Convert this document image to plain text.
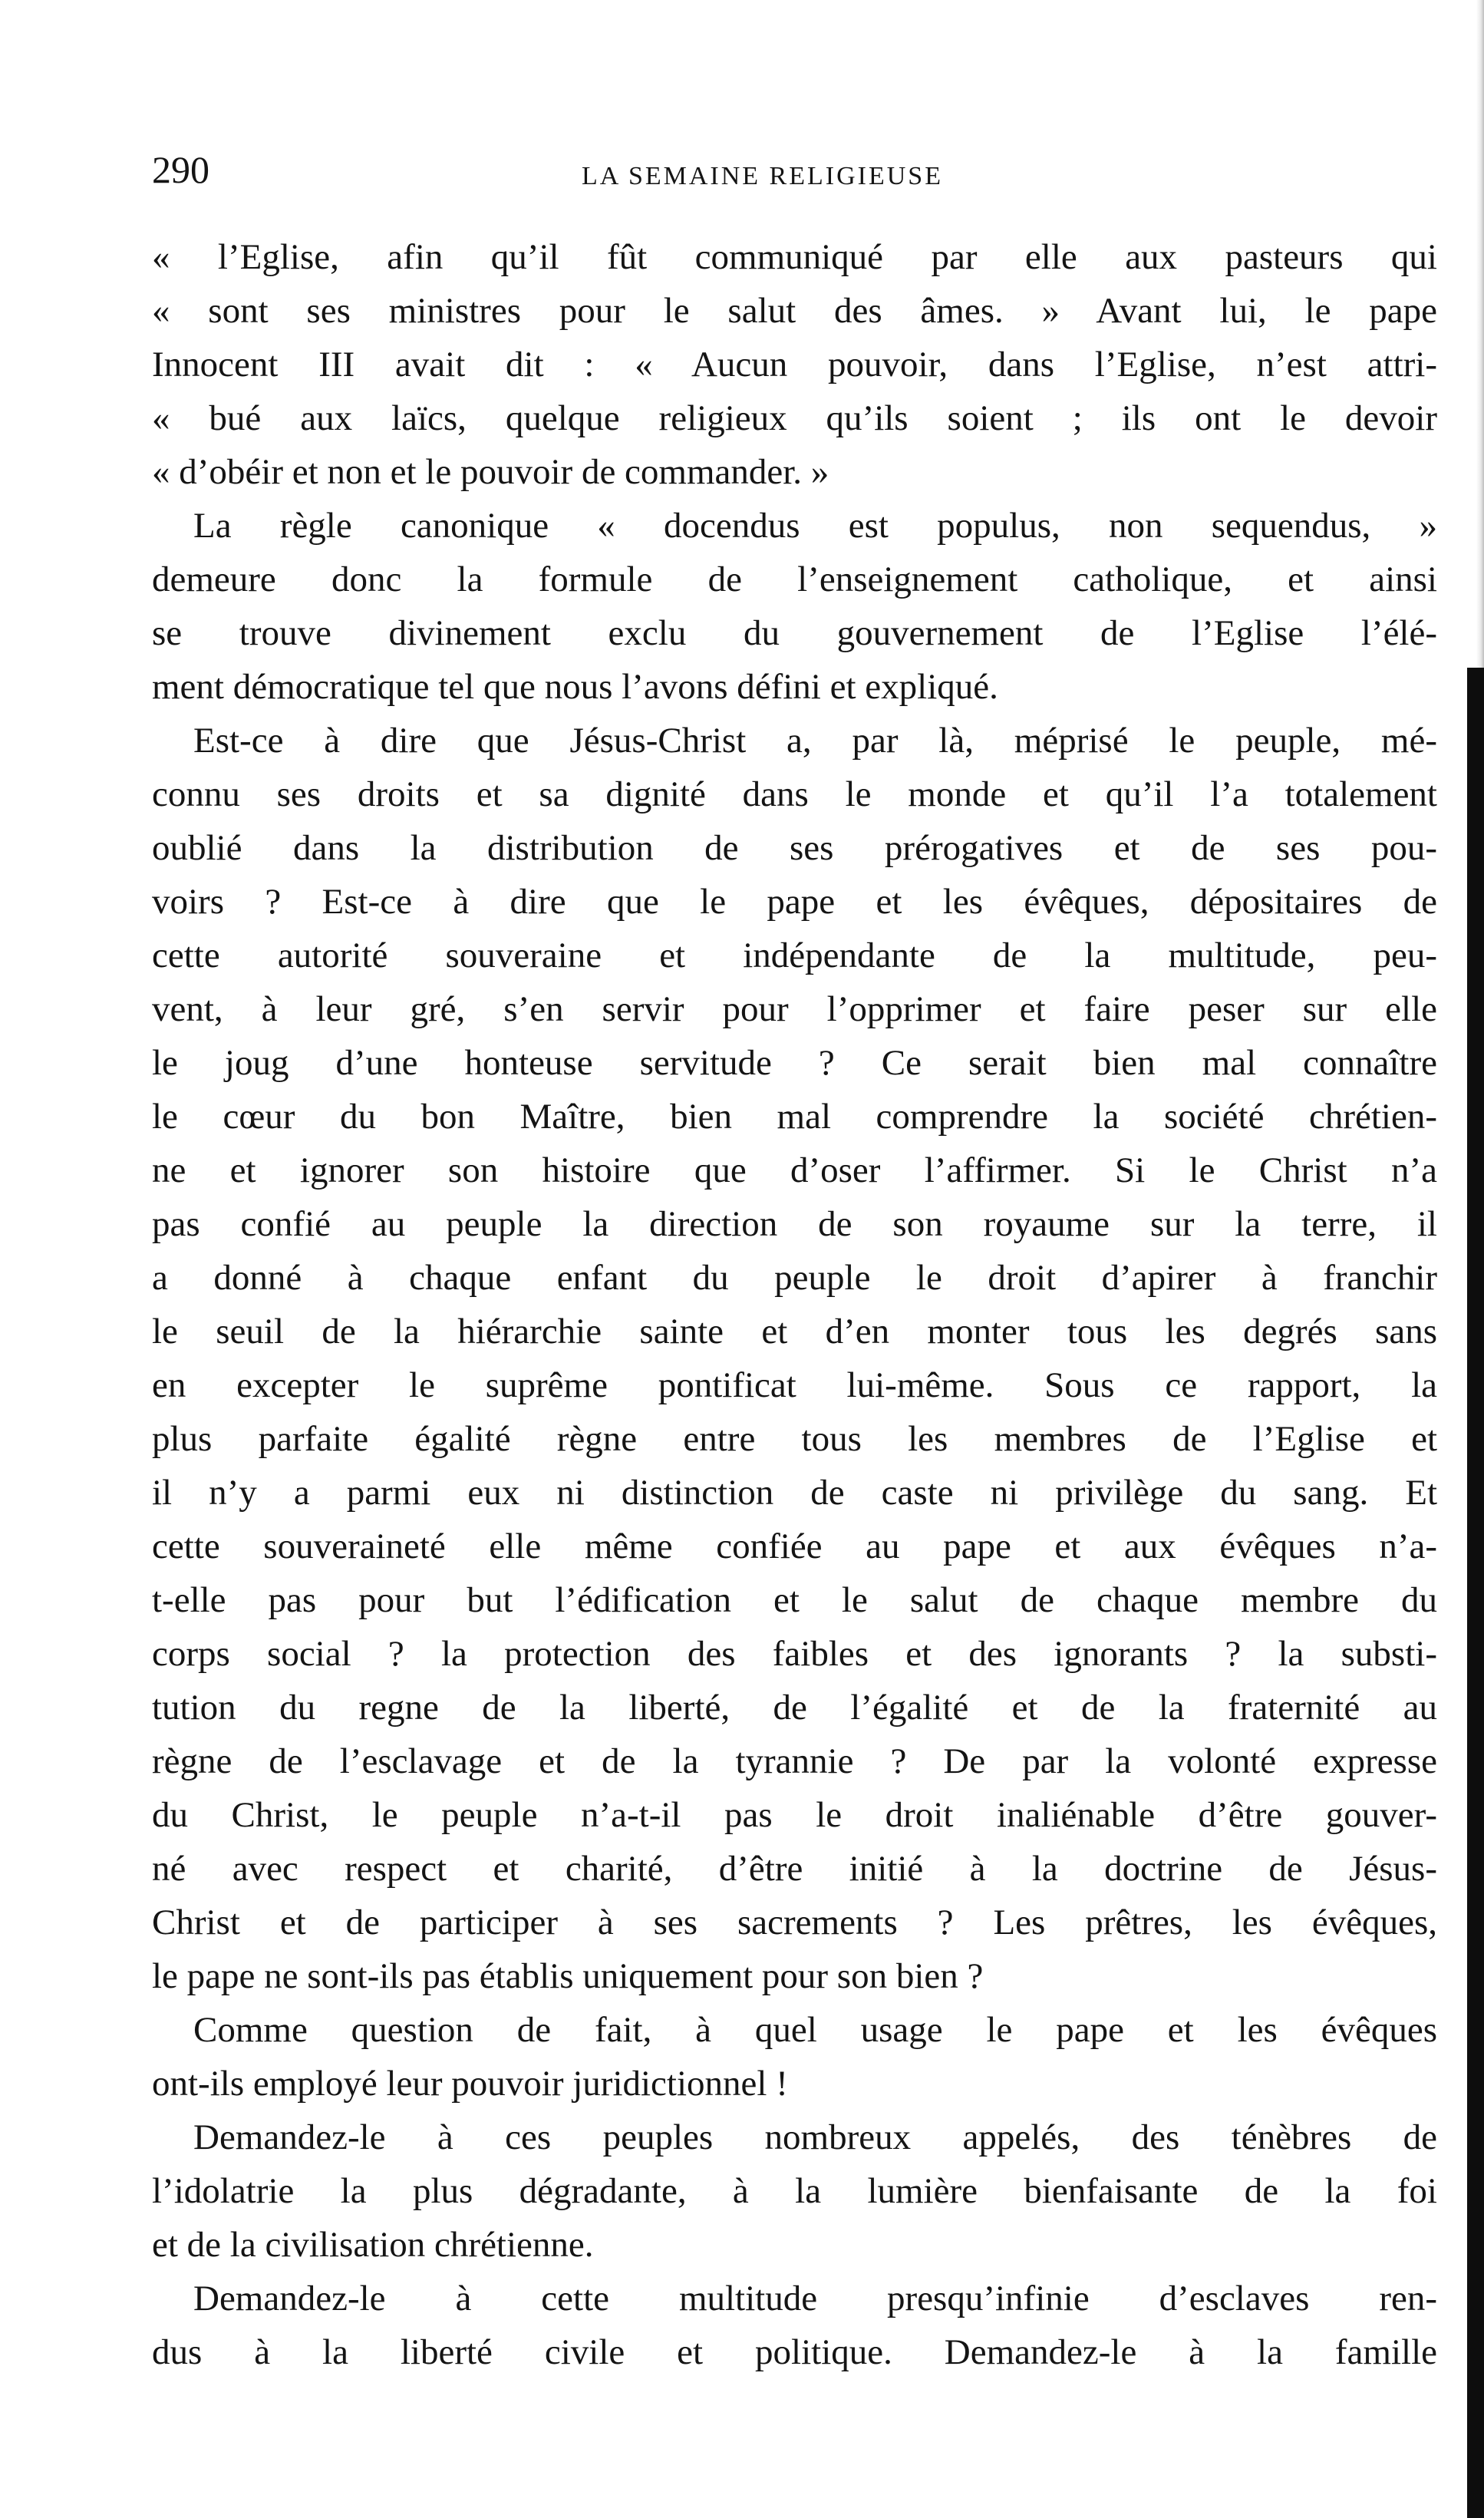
290	LA SEMAINE RELIGIEUSE
« l’Eglise, afin qu’il fût communiqué par elle aux pasteurs qui
« sont ses ministres pour le salut des âmes. » Avant lui, le pape
Innocent III avait dit : « Aucun pouvoir, dans l’Eglise, n’est attri-
« bué aux laïcs, quelque religieux qu’ils soient ; ils ont le devoir
« d’obéir et non et le pouvoir de commander. »
La règle canonique « docendus est populus, non sequendus, »
demeure donc la formule de l’enseignement catholique, et ainsi
se trouve divinement exclu du gouvernement de l’Eglise l’élé-
ment démocratique tel que nous l’avons défini et expliqué.
Est-ce à dire que Jésus-Christ a, par là, méprisé le peuple, mé-
connu ses droits et sa dignité dans le monde et qu’il l’a totalement
oublié dans la distribution de ses prérogatives et de ses pou-
voirs ? Est-ce à dire que le pape et les évêques, dépositaires de
cette autorité souveraine et indépendante de la multitude, peu-
vent, à leur gré, s’en servir pour l’opprimer et faire peser sur elle
le joug d’une honteuse servitude ? Ce serait bien mal connaître
le cœur du bon Maître, bien mal comprendre la société chrétien-
ne et ignorer son histoire que d’oser l’affirmer. Si le Christ n’a
pas confié au peuple la direction de son royaume sur la terre, il
a donné à chaque enfant du peuple le droit d’apirer à franchir
le seuil de la hiérarchie sainte et d’en monter tous les degrés sans
en excepter le suprême pontificat lui-même. Sous ce rapport, la
plus parfaite égalité règne entre tous les membres de l’Eglise et
il n’y a parmi eux ni distinction de caste ni privilège du sang. Et
cette souveraineté elle même confiée au pape et aux évêques n’a-
t-elle pas pour but l’édification et le salut de chaque membre du
corps social ? la protection des faibles et des ignorants ? la substi-
tution du regne de la liberté, de l’égalité et de la fraternité au
règne de l’esclavage et de la tyrannie ? De par la volonté expresse
du Christ, le peuple n’a-t-il pas le droit inaliénable d’être gouver-
né avec respect et charité, d’être initié à la doctrine de Jésus-
Christ et de participer à ses sacrements ? Les prêtres, les évêques,
le pape ne sont-ils pas établis uniquement pour son bien ?
Comme question de fait, à quel usage le pape et les évêques
ont-ils employé leur pouvoir juridictionnel !
Demandez-le à ces peuples nombreux appelés, des ténèbres de
l’idolatrie la plus dégradante, à la lumière bienfaisante de la foi
et de la civilisation chrétienne.
Demandez-le à cette multitude presqu’infinie d’esclaves ren-
dus à la liberté civile et politique. Demandez-le à la famille
